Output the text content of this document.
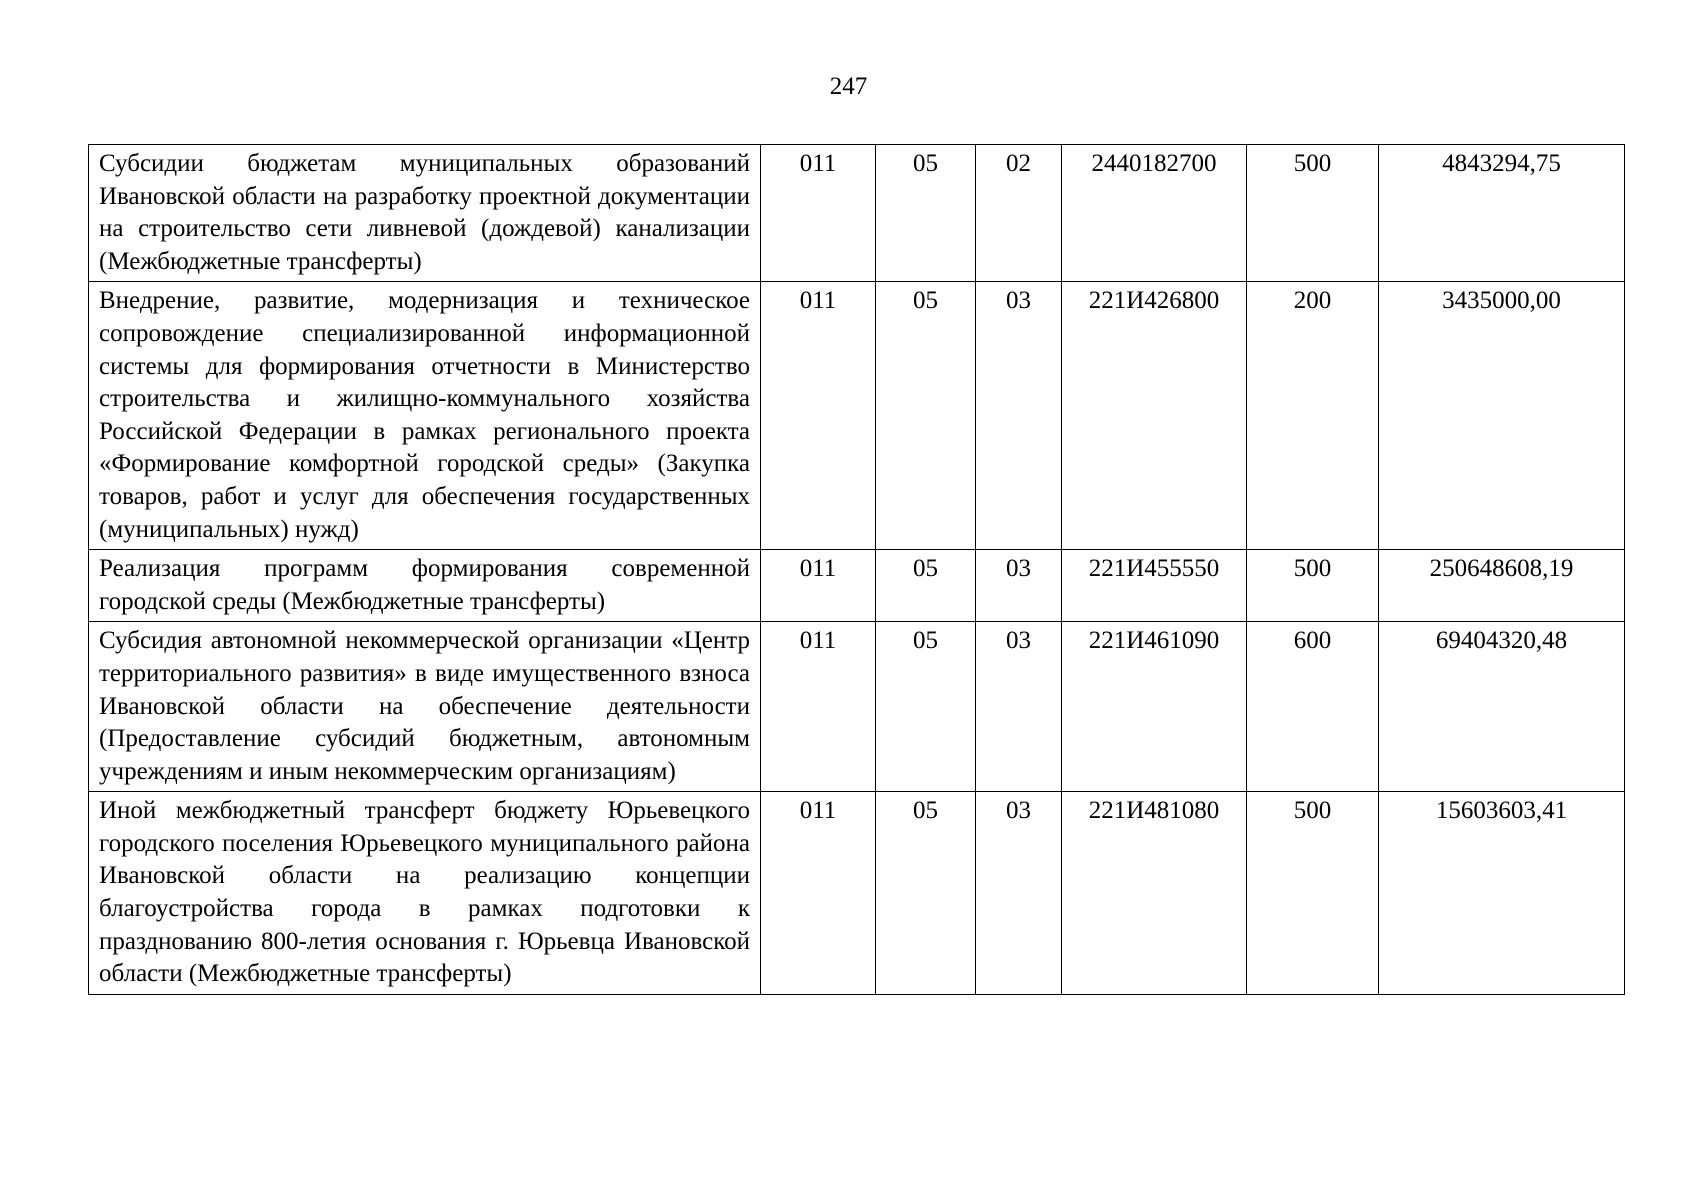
247
Субсидии бюджетам муниципальных образований Ивановской области на разработку проектной документации на строительство сети ливневой (дождевой) канализации (Межбюджетные трансферты)	011	05	02	2440182700	500	4843294,75
Внедрение, развитие, модернизация и техническое сопровождение специализированной информационной системы для формирования отчетности в Министерство строительства и жилищно-коммунального хозяйства Российской Федерации в рамках регионального проекта «Формирование комфортной городской среды» (Закупка товаров, работ и услуг для обеспечения государственных (муниципальных) нужд)	011	05	03	221И426800	200	3435000,00
Реализация программ формирования современной городской среды (Межбюджетные трансферты)	011	05	03	221И455550	500	250648608,19
Субсидия автономной некоммерческой организации «Центр территориального развития» в виде имущественного взноса Ивановской области на обеспечение деятельности (Предоставление субсидий бюджетным, автономным учреждениям и иным некоммерческим организациям)	011	05	03	221И461090	600	69404320,48
Иной межбюджетный трансферт бюджету Юрьевецкого городского поселения Юрьевецкого муниципального района Ивановской области на реализацию концепции благоустройства города в рамках подготовки к празднованию 800-летия основания г. Юрьевца Ивановской области (Межбюджетные трансферты)	011	05	03	221И481080	500	15603603,41
